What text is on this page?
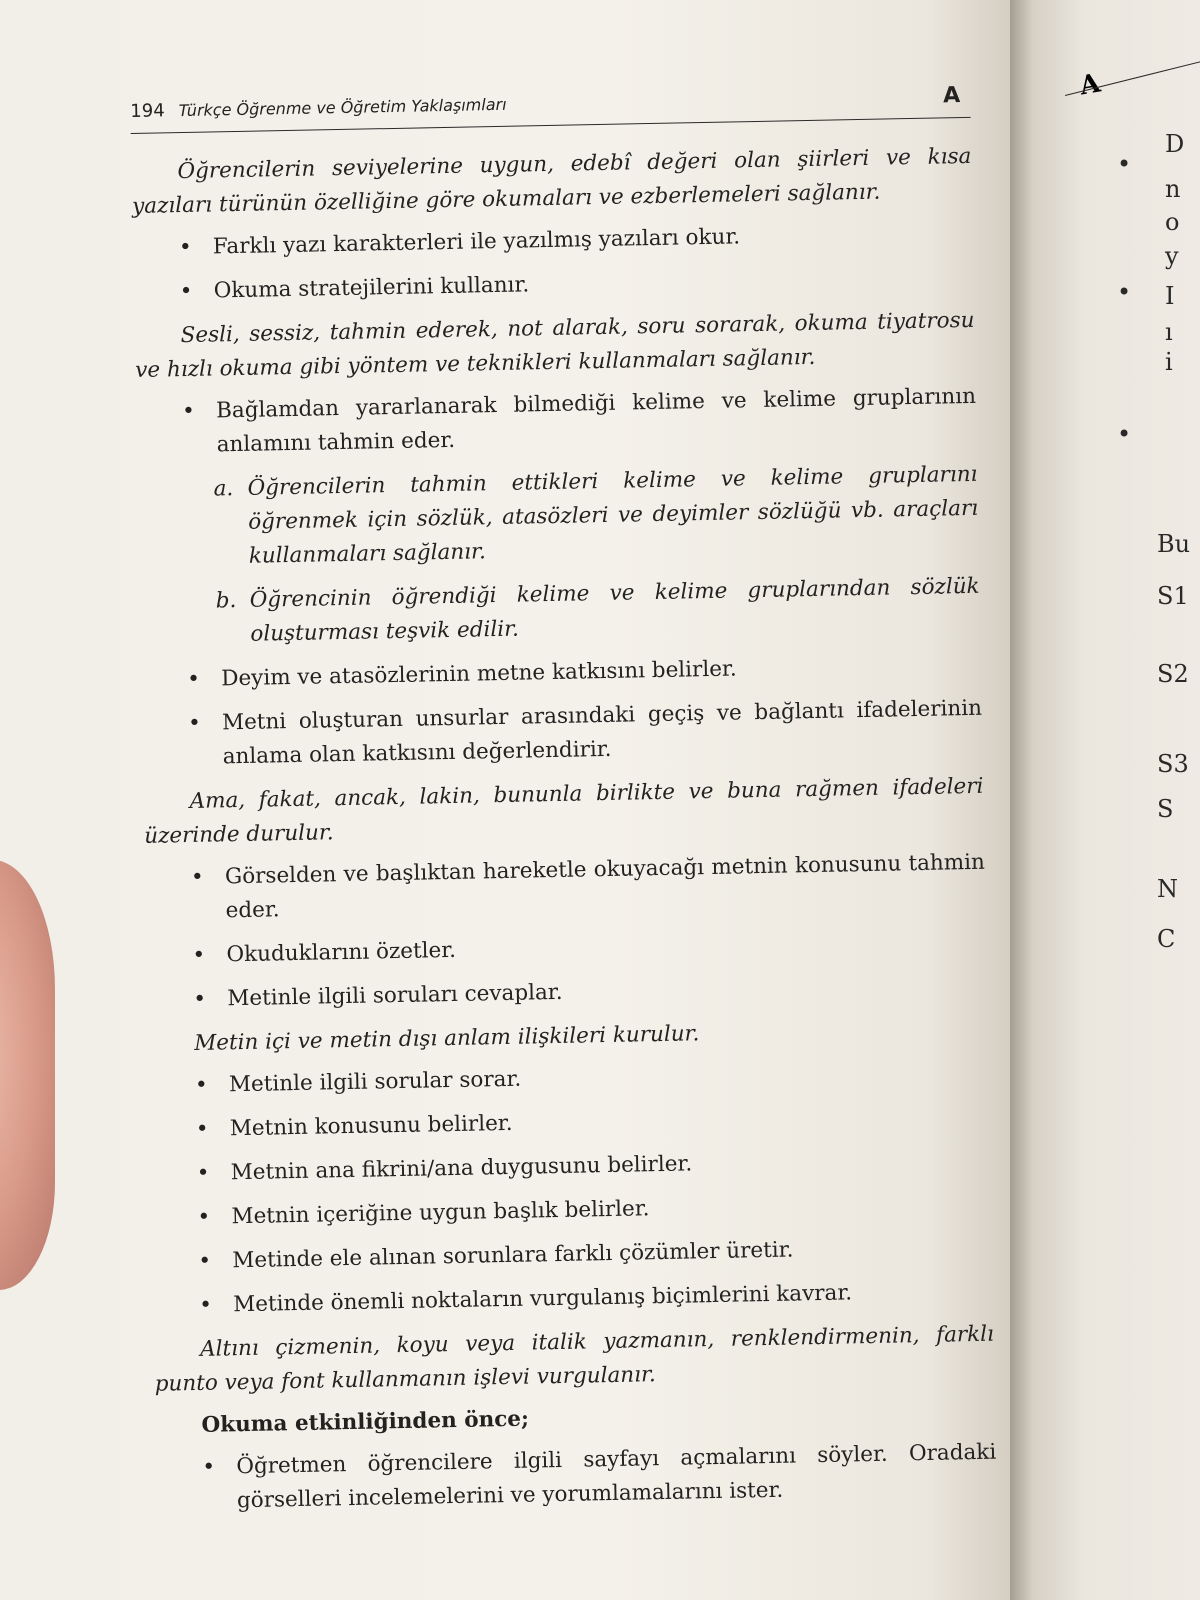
194 Türkçe Öğrenme ve Öğretim Yaklaşımları	A

Öğrencilerin seviyelerine uygun, edebî değeri olan şiirleri ve kısa yazıları türünün özelliğine göre okumaları ve ezberlemeleri sağlanır.

• Farklı yazı karakterleri ile yazılmış yazıları okur.
• Okuma stratejilerini kullanır.

Sesli, sessiz, tahmin ederek, not alarak, soru sorarak, okuma tiyatrosu ve hızlı okuma gibi yöntem ve teknikleri kullanmaları sağlanır.

• Bağlamdan yararlanarak bilmediği kelime ve kelime gruplarının anlamını tahmin eder.
a. Öğrencilerin tahmin ettikleri kelime ve kelime gruplarını öğrenmek için sözlük, atasözleri ve deyimler sözlüğü vb. araçları kullanmaları sağlanır.
b. Öğrencinin öğrendiği kelime ve kelime gruplarından sözlük oluşturması teşvik edilir.
• Deyim ve atasözlerinin metne katkısını belirler.
• Metni oluşturan unsurlar arasındaki geçiş ve bağlantı ifadelerinin anlama olan katkısını değerlendirir.

Ama, fakat, ancak, lakin, bununla birlikte ve buna rağmen ifadeleri üzerinde durulur.

• Görselden ve başlıktan hareketle okuyacağı metnin konusunu tahmin eder.
• Okuduklarını özetler.
• Metinle ilgili soruları cevaplar.

Metin içi ve metin dışı anlam ilişkileri kurulur.

• Metinle ilgili sorular sorar.
• Metnin konusunu belirler.
• Metnin ana fikrini/ana duygusunu belirler.
• Metnin içeriğine uygun başlık belirler.
• Metinde ele alınan sorunlara farklı çözümler üretir.
• Metinde önemli noktaların vurgulanış biçimlerini kavrar.

Altını çizmenin, koyu veya italik yazmanın, renklendirmenin, farklı punto veya font kullanmanın işlevi vurgulanır.

Okuma etkinliğinden önce;

• Öğretmen öğrencilere ilgili sayfayı açmalarını söyler. Oradaki görselleri incelemelerini ve yorumlamalarını ister.
A
D
n
o
y
I
ı
i
Bu
S1
S2
S3
S
N
C
•
•
•
